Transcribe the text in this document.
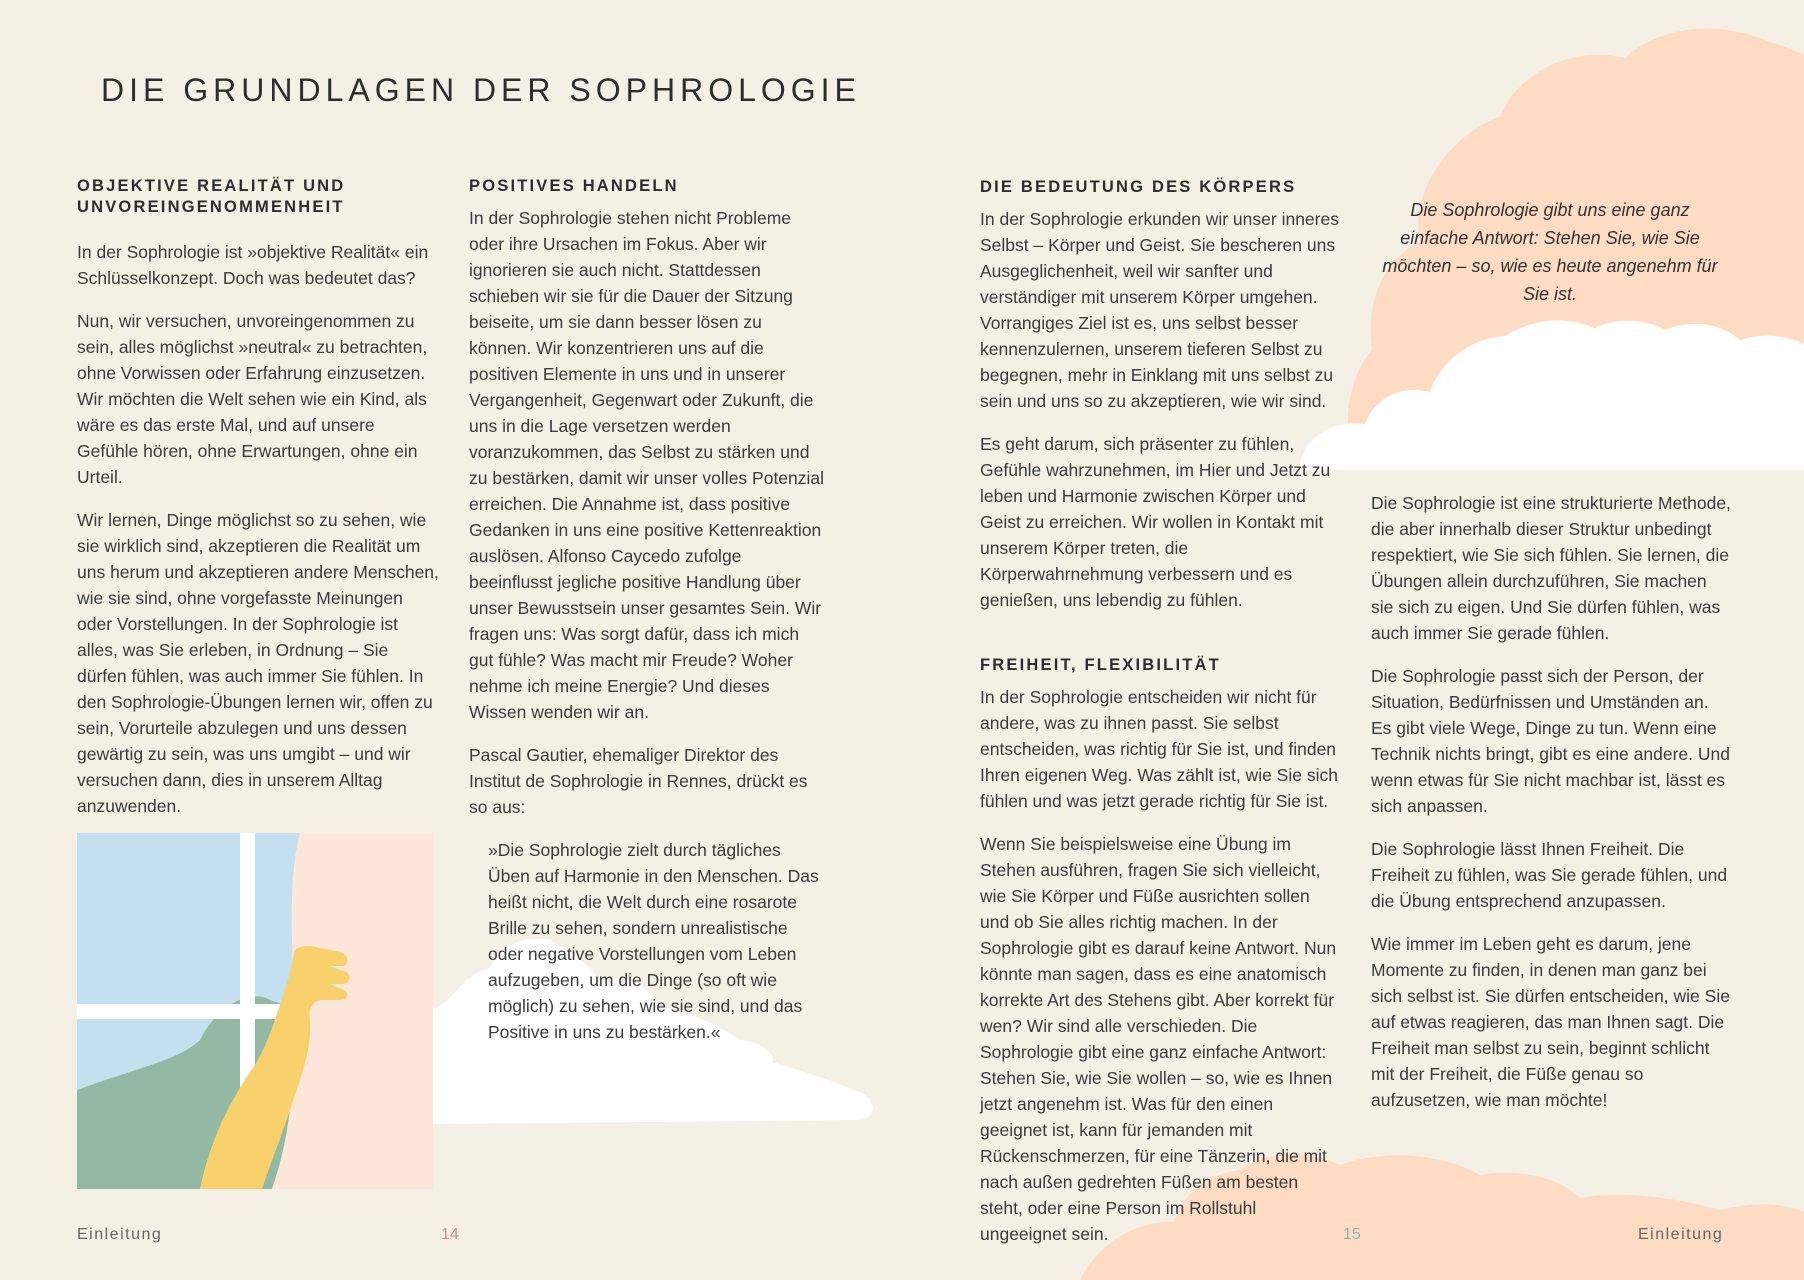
DIE GRUNDLAGEN DER SOPHROLOGIE
OBJEKTIVE REALITÄT UND UNVOREINGENOMMENHEIT

In der Sophrologie ist »objektive Realität« ein Schlüsselkonzept. Doch was bedeutet das?

Nun, wir versuchen, unvoreingenommen zu sein, alles möglichst »neutral« zu betrachten, ohne Vorwissen oder Erfahrung einzusetzen. Wir möchten die Welt sehen wie ein Kind, als wäre es das erste Mal, und auf unsere Gefühle hören, ohne Erwartungen, ohne ein Urteil.

Wir lernen, Dinge möglichst so zu sehen, wie sie wirklich sind, akzeptieren die Realität um uns herum und akzeptieren andere Menschen, wie sie sind, ohne vorgefasste Meinungen oder Vorstellungen. In der Sophrologie ist alles, was Sie erleben, in Ordnung – Sie dürfen fühlen, was auch immer Sie fühlen. In den Sophrologie-Übungen lernen wir, offen zu sein, Vorurteile abzulegen und uns dessen gewärtig zu sein, was uns umgibt – und wir versuchen dann, dies in unserem Alltag anzuwenden.

POSITIVES HANDELN

In der Sophrologie stehen nicht Probleme oder ihre Ursachen im Fokus. Aber wir ignorieren sie auch nicht. Stattdessen schieben wir sie für die Dauer der Sitzung beiseite, um sie dann besser lösen zu können. Wir konzentrieren uns auf die positiven Elemente in uns und in unserer Vergangenheit, Gegenwart oder Zukunft, die uns in die Lage versetzen werden voranzukommen, das Selbst zu stärken und zu bestärken, damit wir unser volles Potenzial erreichen. Die Annahme ist, dass positive Gedanken in uns eine positive Kettenreaktion auslösen. Alfonso Caycedo zufolge beeinflusst jegliche positive Handlung über unser Bewusstsein unser gesamtes Sein. Wir fragen uns: Was sorgt dafür, dass ich mich gut fühle? Was macht mir Freude? Woher nehme ich meine Energie? Und dieses Wissen wenden wir an.

Pascal Gautier, ehemaliger Direktor des Institut de Sophrologie in Rennes, drückt es so aus:

»Die Sophrologie zielt durch tägliches Üben auf Harmonie in den Menschen. Das heißt nicht, die Welt durch eine rosarote Brille zu sehen, sondern unrealistische oder negative Vorstellungen vom Leben aufzugeben, um die Dinge (so oft wie möglich) zu sehen, wie sie sind, und das Positive in uns zu bestärken.«

DIE BEDEUTUNG DES KÖRPERS

In der Sophrologie erkunden wir unser inneres Selbst – Körper und Geist. Sie bescheren uns Ausgeglichenheit, weil wir sanfter und verständiger mit unserem Körper umgehen. Vorrangiges Ziel ist es, uns selbst besser kennenzulernen, unserem tieferen Selbst zu begegnen, mehr in Einklang mit uns selbst zu sein und uns so zu akzeptieren, wie wir sind.

Es geht darum, sich präsenter zu fühlen, Gefühle wahrzunehmen, im Hier und Jetzt zu leben und Harmonie zwischen Körper und Geist zu erreichen. Wir wollen in Kontakt mit unserem Körper treten, die Körperwahrnehmung verbessern und es genießen, uns lebendig zu fühlen.

FREIHEIT, FLEXIBILITÄT

In der Sophrologie entscheiden wir nicht für andere, was zu ihnen passt. Sie selbst entscheiden, was richtig für Sie ist, und finden Ihren eigenen Weg. Was zählt ist, wie Sie sich fühlen und was jetzt gerade richtig für Sie ist.

Wenn Sie beispielsweise eine Übung im Stehen ausführen, fragen Sie sich vielleicht, wie Sie Körper und Füße ausrichten sollen und ob Sie alles richtig machen. In der Sophrologie gibt es darauf keine Antwort. Nun könnte man sagen, dass es eine anatomisch korrekte Art des Stehens gibt. Aber korrekt für wen? Wir sind alle verschieden. Die Sophrologie gibt eine ganz einfache Antwort: Stehen Sie, wie Sie wollen – so, wie es Ihnen jetzt angenehm ist. Was für den einen geeignet ist, kann für jemanden mit Rückenschmerzen, für eine Tänzerin, die mit nach außen gedrehten Füßen am besten steht, oder eine Person im Rollstuhl ungeeignet sein.

Die Sophrologie gibt uns eine ganz einfache Antwort: Stehen Sie, wie Sie möchten – so, wie es heute angenehm für Sie ist.

Die Sophrologie ist eine strukturierte Methode, die aber innerhalb dieser Struktur unbedingt respektiert, wie Sie sich fühlen. Sie lernen, die Übungen allein durchzuführen, Sie machen sie sich zu eigen. Und Sie dürfen fühlen, was auch immer Sie gerade fühlen.

Die Sophrologie passt sich der Person, der Situation, Bedürfnissen und Umständen an. Es gibt viele Wege, Dinge zu tun. Wenn eine Technik nichts bringt, gibt es eine andere. Und wenn etwas für Sie nicht machbar ist, lässt es sich anpassen.

Die Sophrologie lässt Ihnen Freiheit. Die Freiheit zu fühlen, was Sie gerade fühlen, und die Übung entsprechend anzupassen.

Wie immer im Leben geht es darum, jene Momente zu finden, in denen man ganz bei sich selbst ist. Sie dürfen entscheiden, wie Sie auf etwas reagieren, das man Ihnen sagt. Die Freiheit man selbst zu sein, beginnt schlicht mit der Freiheit, die Füße genau so aufzusetzen, wie man möchte!

Einleitung	14	15	Einleitung
